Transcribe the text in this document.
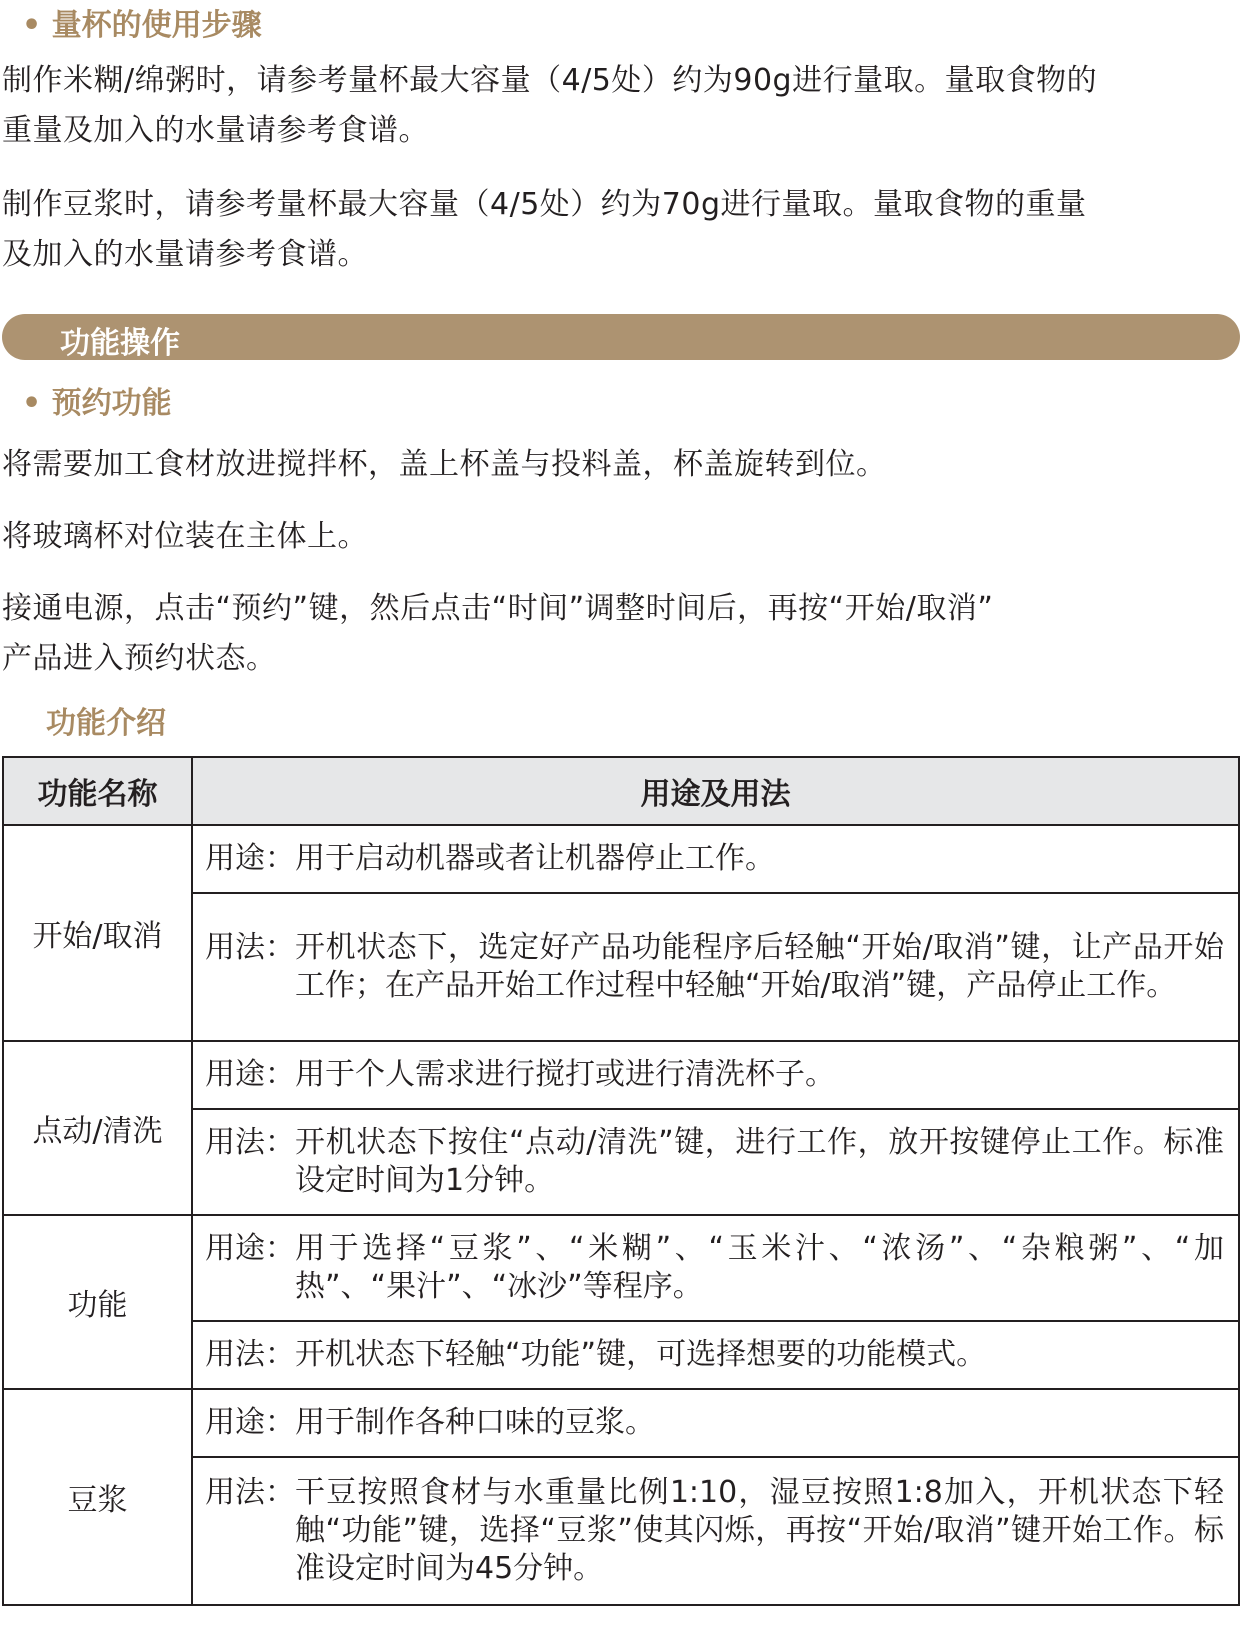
• 量杯的使用步骤
制作米糊/绵粥时，请参考量杯最大容量（4/5处）约为90g进行量取。量取食物的
重量及加入的水量请参考食谱。
制作豆浆时，请参考量杯最大容量（4/5处）约为70g进行量取。量取食物的重量
及加入的水量请参考食谱。
功能操作
• 预约功能
将需要加工食材放进搅拌杯，盖上杯盖与投料盖，杯盖旋转到位。
将玻璃杯对位装在主体上。
接通电源，点击“预约”键，然后点击“时间”调整时间后，再按“开始/取消”
产品进入预约状态。
功能介绍
功能名称	用途及用法
开始/取消	用途： 用于启动机器或者让机器停止工作。

	用法： 开机状态下，选定好产品功能程序后轻触“开始/取消”键，让产品开始工作；在产品开始工作过程中轻触“开始/取消”键，产品停止工作。

点动/清洗	用途： 用于个人需求进行搅打或进行清洗杯子。

	用法： 开机状态下按住“点动/清洗”键，进行工作，放开按键停止工作。标准设定时间为1分钟。

功能	用途： 用于选择“豆浆”、“米糊”、“玉米汁、“浓汤”、“杂粮粥”、“加热”、“果汁”、“冰沙”等程序。

	用法： 开机状态下轻触“功能”键，可选择想要的功能模式。

豆浆	用途： 用于制作各种口味的豆浆。

	用法： 干豆按照食材与水重量比例1:10，湿豆按照1:8加入，开机状态下轻触“功能”键，选择“豆浆”使其闪烁，再按“开始/取消”键开始工作。标准设定时间为45分钟。
